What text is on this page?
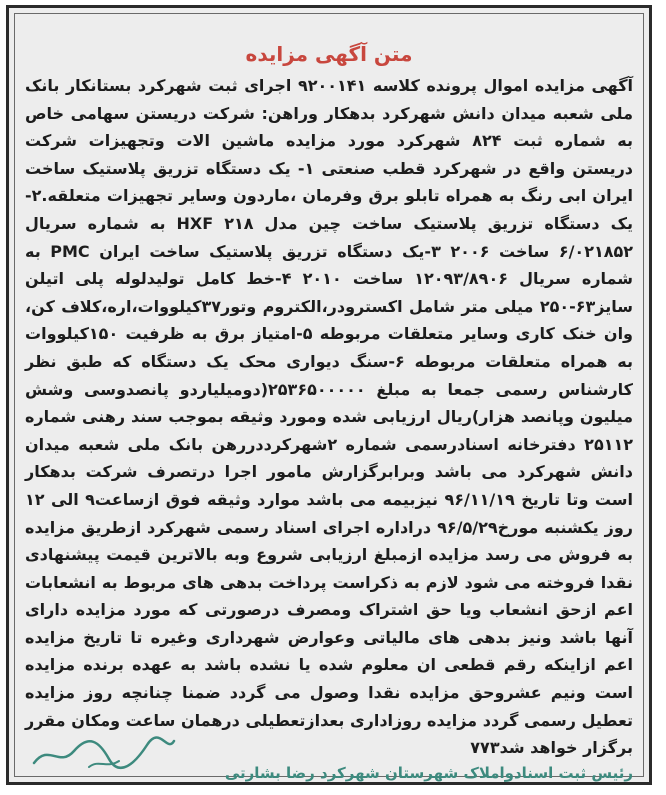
متن آگهی مزایده

آگهی مزایده اموال پرونده کلاسه ۹۲۰۰۱۴۱ اجرای ثبت شهرکرد بستانکار بانک ملی شعبه میدان دانش شهرکرد بدهکار وراهن: شرکت دریستن سهامی خاص به شماره ثبت ۸۲۴ شهرکرد مورد مزایده ماشین الات وتجهیزات شرکت دریستن واقع در شهرکرد قطب صنعتی ۱- یک دستگاه تزریق پلاستیک ساخت ایران ابی رنگ به همراه تابلو برق وفرمان ،ماردون وسایر تجهیزات متعلقه.۲-یک دستگاه تزریق پلاستیک ساخت چین مدل HXF ۲۱۸ به شماره سریال ۶/۰۲۱۸۵۲ ساخت ۲۰۰۶ ۳-یک دستگاه تزریق پلاستیک ساخت ایران PMC به شماره سریال ۱۲۰۹۳/۸۹۰۶ ساخت ۲۰۱۰ ۴-خط کامل تولیدلوله پلی اتیلن سایز۶۳-۲۵۰ میلی متر شامل اکسترودر،الکتروم وتور۳۷کیلووات،اره،کلاف کن، وان خنک کاری وسایر متعلقات مربوطه ۵-امتیاز برق به ظرفیت ۱۵۰کیلووات به همراه متعلقات مربوطه ۶-سنگ دیواری محک یک دستگاه که طبق نظر کارشناس رسمی جمعا به مبلغ ۲۵۳۶۵۰۰۰۰۰(دومیلیاردو پانصدوسی وشش میلیون وپانصد هزار)ریال ارزیابی شده ومورد وثیقه بموجب سند رهنی شماره ۲۵۱۱۲ دفترخانه اسنادرسمی شماره ۲شهرکرددررهن بانک ملی شعبه میدان دانش شهرکرد می باشد وبرابرگزارش مامور اجرا درتصرف شرکت بدهکار است وتا تاریخ ۹۶/۱۱/۱۹ نیزبیمه می باشد موارد وثیقه فوق ازساعت۹ الی ۱۲ روز یکشنبه مورخ۹۶/۵/۲۹ دراداره اجرای اسناد رسمی شهرکرد ازطریق مزایده به فروش می رسد مزایده ازمبلغ ارزیابی شروع وبه بالاترین قیمت پیشنهادی نقدا فروخته می شود لازم به ذکراست پرداخت بدهی های مربوط به انشعابات اعم ازحق انشعاب ویا حق اشتراک ومصرف درصورتی که مورد مزایده دارای آنها باشد ونیز بدهی های مالیاتی وعوارض شهرداری وغیره تا تاریخ مزایده اعم ازاینکه رقم قطعی ان معلوم شده یا نشده باشد به عهده برنده مزایده است ونیم عشروحق مزایده نقدا وصول می گردد ضمنا چنانچه روز مزایده تعطیل رسمی گردد مزایده روزاداری بعدازتعطیلی درهمان ساعت ومکان مقرر برگزار خواهد شد۷۷۳

رئیس ثبت اسنادواملاک شهرستان شهرکرد رضا بشارتی
